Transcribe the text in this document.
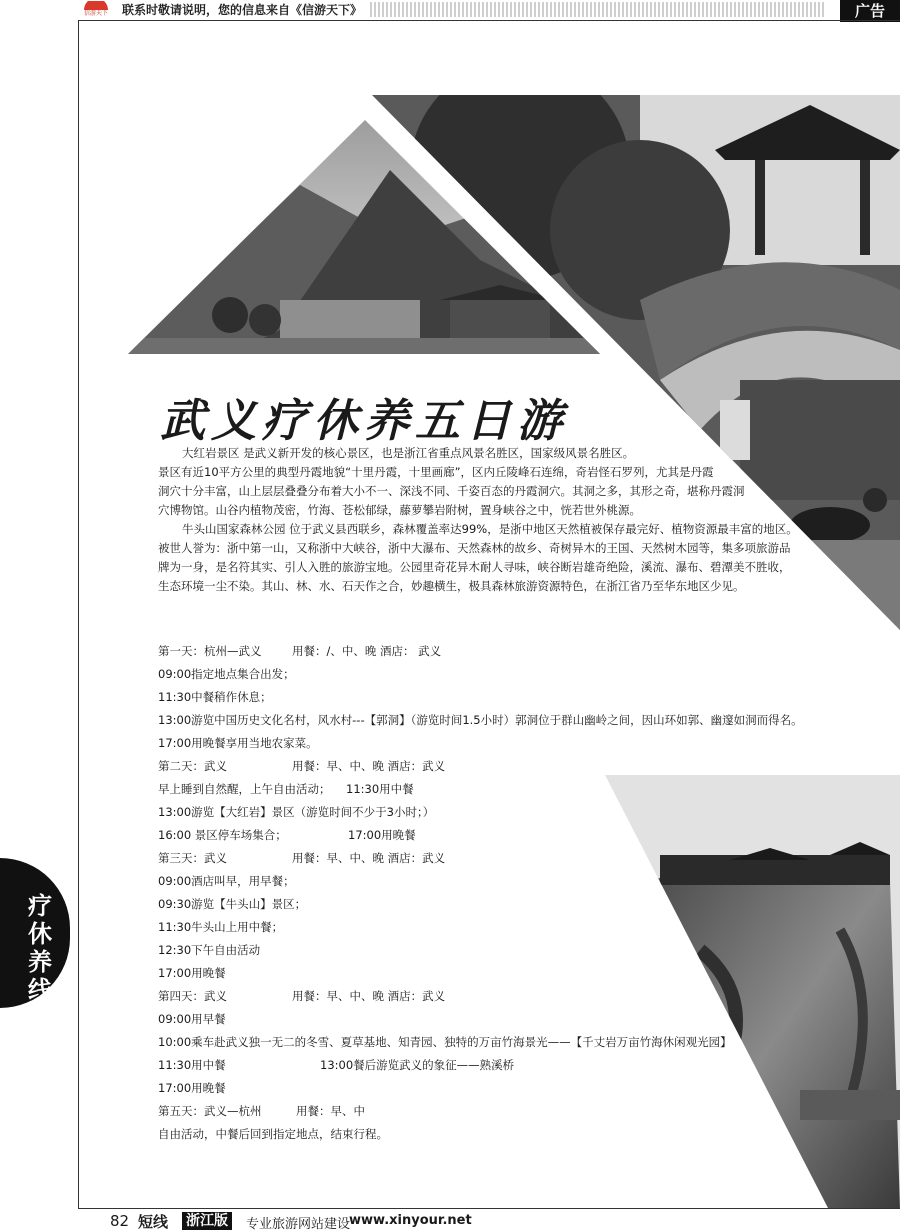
信游天下 联系时敬请说明，您的信息来自《信游天下》	广告
武义疗休养五日游

大红岩景区 是武义新开发的核心景区，也是浙江省重点风景名胜区，国家级风景名胜区。

景区有近10平方公里的典型丹霞地貌“十里丹霞，十里画廊”，区内丘陵峰石连绵，奇岩怪石罗列，尤其是丹霞

洞穴十分丰富，山上层层叠叠分布着大小不一、深浅不同、千姿百态的丹霞洞穴。其洞之多，其形之奇，堪称丹霞洞

穴博物馆。山谷内植物茂密，竹海、苍松郁绿，藤萝攀岩附树，置身峡谷之中，恍若世外桃源。

牛头山国家森林公园 位于武义县西联乡，森林覆盖率达99%，是浙中地区天然植被保存最完好、植物资源最丰富的地区。

被世人誉为：浙中第一山，又称浙中大峡谷，浙中大瀑布、天然森林的故乡、奇树异木的王国、天然树木园等，集多项旅游品

牌为一身，是名符其实、引人入胜的旅游宝地。公园里奇花异木耐人寻味，峡谷断岩雄奇绝险，溪流、瀑布、碧潭美不胜收，

生态环境一尘不染。其山、林、水、石天作之合，妙趣横生，极具森林旅游资源特色，在浙江省乃至华东地区少见。

第一天：杭州—武义	用餐：/、中、晚 酒店： 武义
09:00指定地点集合出发；
11:30中餐稍作休息；
13:00游览中国历史文化名村，风水村---【郭洞】（游览时间1.5小时）郭洞位于群山幽岭之间，因山环如郭、幽邃如洞而得名。
17:00用晚餐享用当地农家菜。
第二天：武义	用餐：早、中、晚 酒店：武义
早上睡到自然醒，上午自由活动； 11:30用中餐
13:00游览【大红岩】景区（游览时间不少于3小时；）
16:00 景区停车场集合；	17:00用晚餐
第三天：武义	用餐：早、中、晚 酒店：武义
09:00酒店叫早，用早餐；
09:30游览【牛头山】景区；
11:30牛头山上用中餐；
12:30下午自由活动
17:00用晚餐
第四天：武义	用餐：早、中、晚 酒店：武义
09:00用早餐
10:00乘车赴武义独一无二的冬雪、夏草基地、知青园、独特的万亩竹海景光——【千丈岩万亩竹海休闲观光园】
11:30用中餐	13:00餐后游览武义的象征——熟溪桥
17:00用晚餐
第五天：武义—杭州	用餐：早、中
自由活动，中餐后回到指定地点，结束行程。
疗
休
养
线
82 短线 浙江版	专业旅游网站建设
www.xinyour.net
